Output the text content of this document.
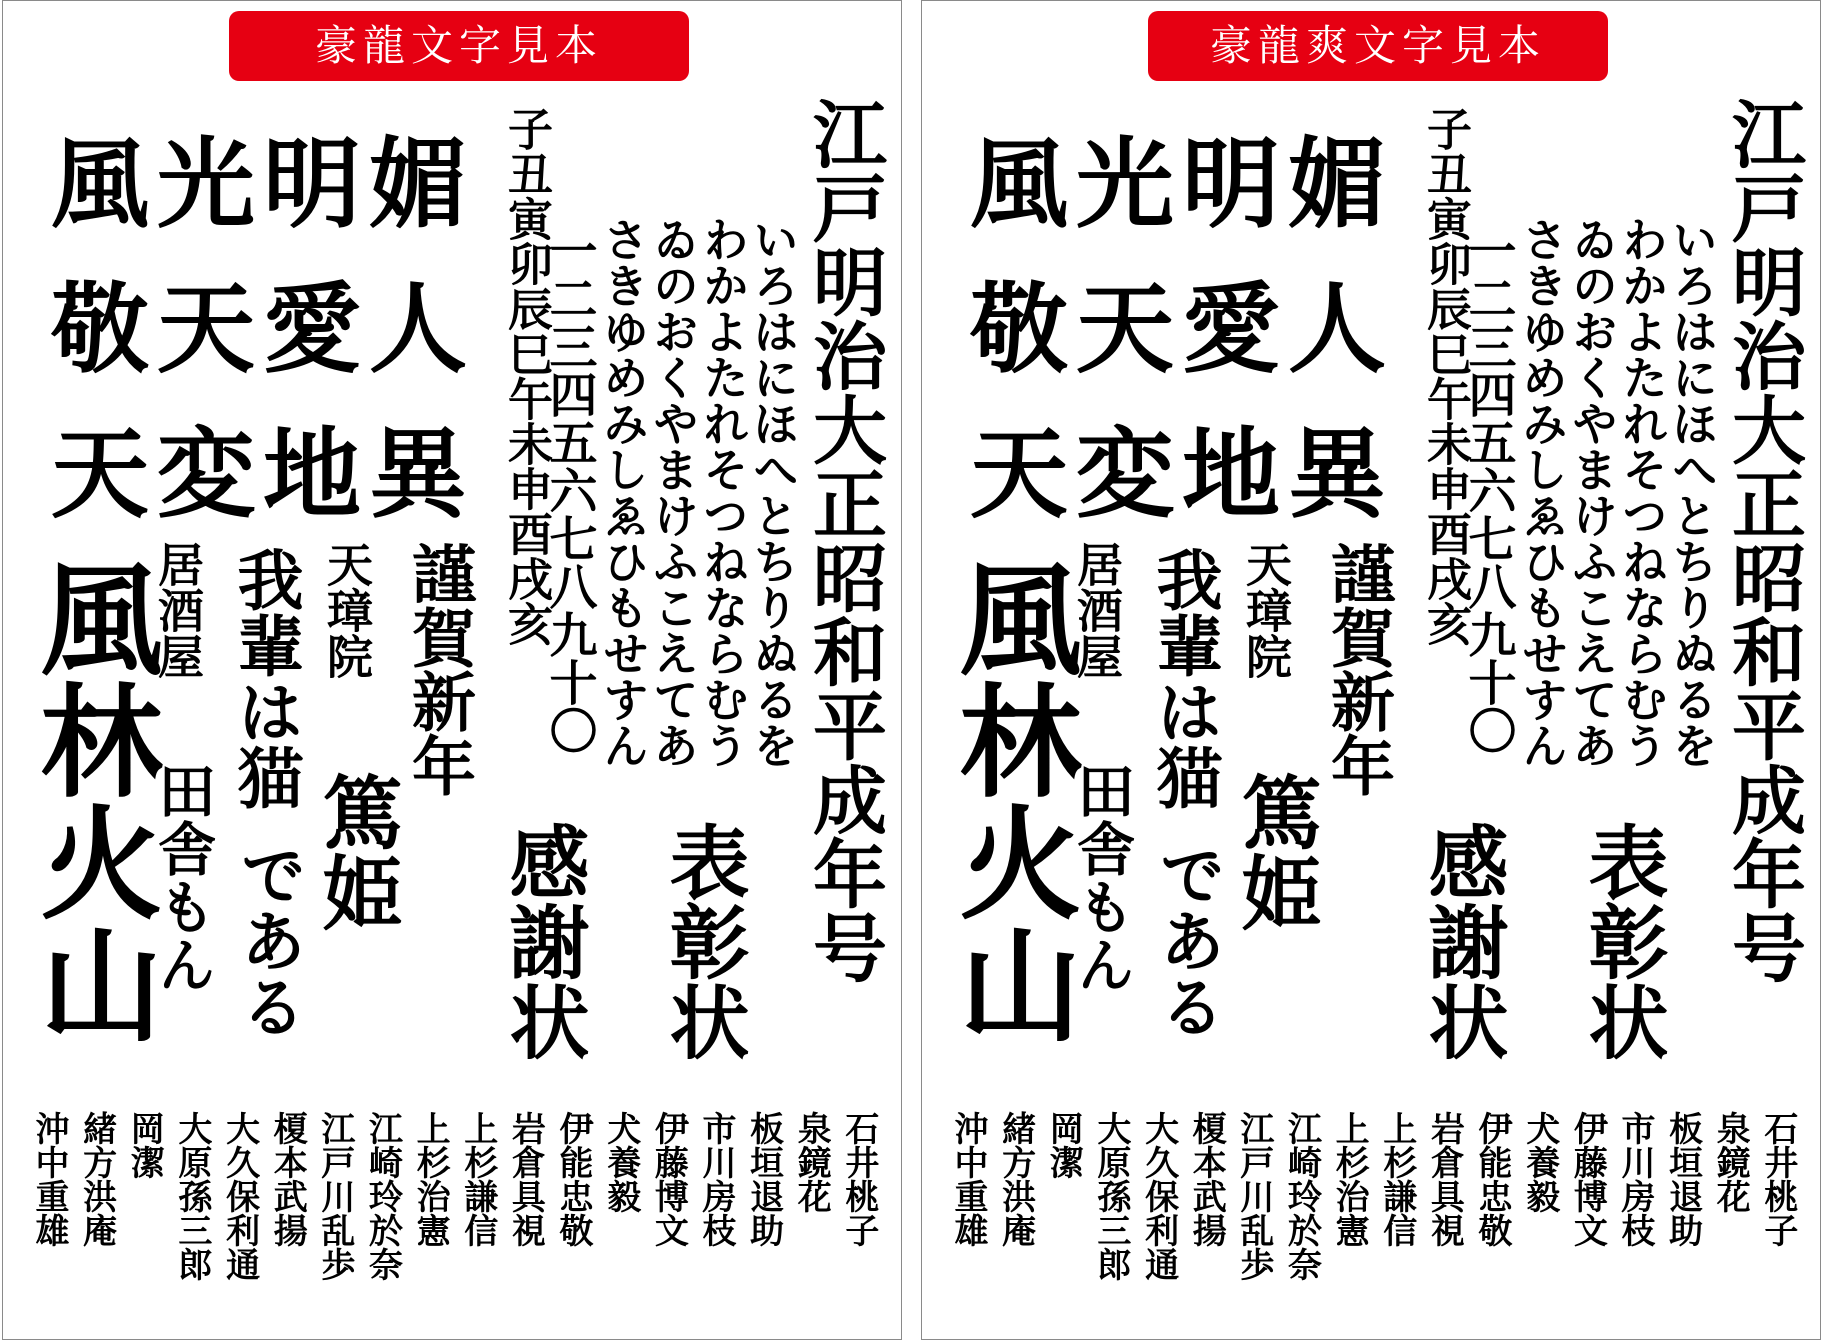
豪龍文字見本

風光明媚

敬天愛人

天変地異	江戸明治大正昭和平成年号

子丑寅卯辰巳午未申酉戌亥	いろはにほへとちりぬるを

わかよたれそつねならむう

ゐのおくやまけふこえてあ

さきゆめみしゑひもせすん

一二三四五六七八九十〇

風林火山

居酒屋 我輩は猫

である

天璋院 謹賀新年

田舎もん 篤姫 感謝状 表彰状

石井桃子

泉鏡花

板垣退助

市川房枝

伊藤博文

犬養毅

伊能忠敬

岩倉具視

上杉謙信

上杉治憲

江崎玲於奈

江戸川乱歩

榎本武揚

大久保利通

大原孫三郎

岡潔

緒方洪庵

沖中重雄

豪龍爽文字見本

風光明媚

敬天愛人

天変地異	江戸明治大正昭和平成年号

子丑寅卯辰巳午未申酉戌亥	いろはにほへとちりぬるを

わかよたれそつねならむう

ゐのおくやまけふこえてあ

さきゆめみしゑひもせすん

一二三四五六七八九十〇

風林火山

居酒屋 我輩は猫

である

天璋院 謹賀新年

田舎もん 篤姫 感謝状 表彰状

石井桃子

泉鏡花

板垣退助

市川房枝

伊藤博文

犬養毅

伊能忠敬

岩倉具視

上杉謙信

上杉治憲

江崎玲於奈

江戸川乱歩

榎本武揚

大久保利通

大原孫三郎

岡潔

緒方洪庵

沖中重雄
